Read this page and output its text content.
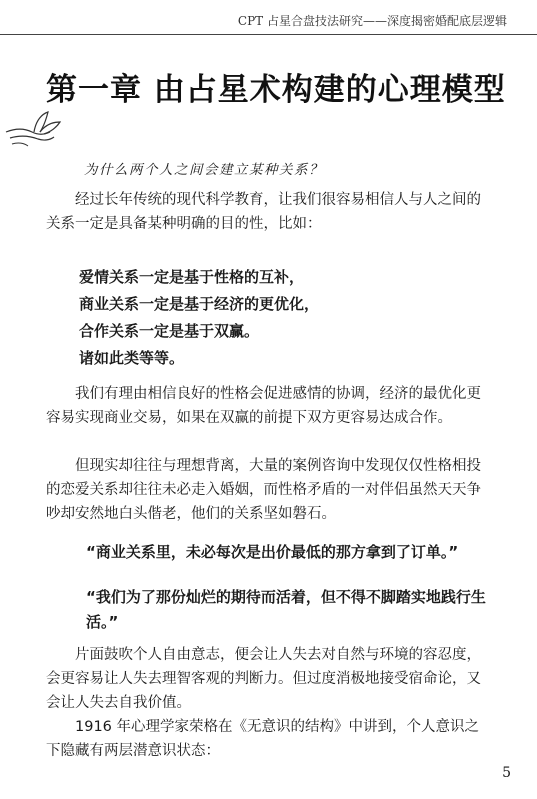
CPT 占星合盘技法研究——深度揭密婚配底层逻辑
第一章 由占星术构建的心理模型
为什么两个人之间会建立某种关系？

经过长年传统的现代科学教育，让我们很容易相信人与人之间的关系一定是具备某种明确的目的性，比如：

爱情关系一定是基于性格的互补，
商业关系一定是基于经济的更优化，
合作关系一定是基于双赢。
诸如此类等等。

我们有理由相信良好的性格会促进感情的协调，经济的最优化更容易实现商业交易，如果在双赢的前提下双方更容易达成合作。

但现实却往往与理想背离，大量的案例咨询中发现仅仅性格相投的恋爱关系却往往未必走入婚姻，而性格矛盾的一对伴侣虽然天天争吵却安然地白头偕老，他们的关系坚如磐石。

“商业关系里，未必每次是出价最低的那方拿到了订单。”
“我们为了那份灿烂的期待而活着，但不得不脚踏实地践行生活。”

片面鼓吹个人自由意志，便会让人失去对自然与环境的容忍度，会更容易让人失去理智客观的判断力。但过度消极地接受宿命论，又会让人失去自我价值。

1916 年心理学家荣格在《无意识的结构》中讲到，个人意识之下隐藏有两层潜意识状态：

5
